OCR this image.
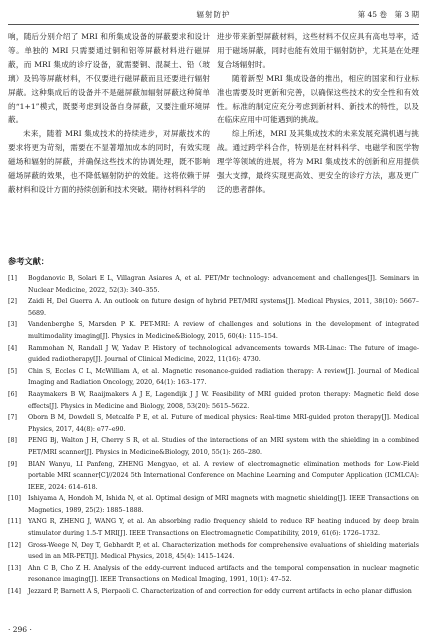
辐射防护	第 45 卷　第 3 期

响，随后分别介绍了 MRI 和所集成设备的屏蔽要求和设计等。单独的 MRI 只需要通过铜和铝等屏蔽材料进行磁屏蔽，而 MRI 集成的诊疗设备，就需要铜、混凝土、铅（玻璃）及钨等屏蔽材料，不仅要进行磁屏蔽而且还要进行辐射屏蔽。这种集成后的设备并不是磁屏蔽加辐射屏蔽这种简单的“1+1”模式，既要考虑到设备自身屏蔽，又要注重环境屏蔽。

未来，随着 MRI 集成技术的持续进步，对屏蔽技术的要求将更为苛刻，需要在不显著增加成本的同时，有效实现磁场和辐射的屏蔽，并确保这些技术的协调处理，既不影响磁场屏蔽的效果，也不降低辐射防护的效能。这将依赖于屏蔽材料和设计方面的持续创新和技术突破。期待材料科学的

进步带来新型屏蔽材料，这些材料不仅应具有高电导率，适用于磁场屏蔽，同时也能有效用于辐射防护，尤其是在处理复合场辐射时。

随着新型 MRI 集成设备的推出，相应的国家和行业标准也需要及时更新和完善，以确保这些技术的安全性和有效性。标准的制定应充分考虑到新材料、新技术的特性，以及在临床应用中可能遇到的挑战。

综上所述，MRI 及其集成技术的未来发展充满机遇与挑战。通过跨学科合作，特别是在材料科学、电磁学和医学物理学等领域的进展，将为 MRI 集成技术的创新和应用提供强大支撑，最终实现更高效、更安全的诊疗方法，惠及更广泛的患者群体。

参考文献：
[1] Bogdanovic B, Solari E L, Villagran Asiares A, et al. PET/Mr technology: advancement and challenges[J]. Seminars in Nuclear Medicine, 2022, 52(3): 340–355.
[2] Zaidi H, Del Guerra A. An outlook on future design of hybrid PET/MRI systems[J]. Medical Physics, 2011, 38(10): 5667–5689.
[3] Vandenberghe S, Marsden P K. PET-MRI: A review of challenges and solutions in the development of integrated multimodality imaging[J]. Physics in Medicine&Biology, 2015, 60(4): 115–154.
[4] Rammohan N, Randall J W, Yadav P. History of technological advancements towards MR-Linac: The future of image-guided radiotherapy[J]. Journal of Clinical Medicine, 2022, 11(16): 4730.
[5] Chin S, Eccles C L, McWilliam A, et al. Magnetic resonance-guided radiation therapy: A review[J]. Journal of Medical Imaging and Radiation Oncology, 2020, 64(1): 163–177.
[6] Raaymakers B W, Raaijmakers A J E, Lagendijk J J W. Feasibility of MRI guided proton therapy: Magnetic field dose effects[J]. Physics in Medicine and Biology, 2008, 53(20): 5615–5622.
[7] Oborn B M, Dowdell S, Metcalfe P E, et al. Future of medical physics: Real-time MRI-guided proton therapy[J]. Medical Physics, 2017, 44(8): e77–e90.
[8] PENG Bj, Walton J H, Cherry S R, et al. Studies of the interactions of an MRI system with the shielding in a combined PET/MRI scanner[J]. Physics in Medicine&Biology, 2010, 55(1): 265–280.
[9] BIAN Wanyu, LI Panfeng, ZHENG Mengyao, et al. A review of electromagnetic elimination methods for Low-Field portable MRI scanner[C]//2024 5th International Conference on Machine Learning and Computer Application (ICMLCA): IEEE, 2024: 614–618.
[10] Ishiyama A, Hondoh M, Ishida N, et al. Optimal design of MRI magnets with magnetic shielding[J]. IEEE Transactions on Magnetics, 1989, 25(2): 1885–1888.
[11] YANG R, ZHENG J, WANG Y, et al. An absorbing radio frequency shield to reduce RF heating induced by deep brain stimulator during 1.5-T MRI[J]. IEEE Transactions on Electromagnetic Compatibility, 2019, 61(6): 1726–1732.
[12] Gross-Weege N, Dey T, Gebhardt P, et al. Characterization methods for comprehensive evaluations of shielding materials used in an MR-PET[J]. Medical Physics, 2018, 45(4): 1415–1424.
[13] Ahn C B, Cho Z H. Analysis of the eddy-current induced artifacts and the temporal compensation in nuclear magnetic resonance imaging[J]. IEEE Transactions on Medical Imaging, 1991, 10(1): 47–52.
[14] Jezzard P, Barnett A S, Pierpaoli C. Characterization of and correction for eddy current artifacts in echo planar diffusion
· 296 ·
